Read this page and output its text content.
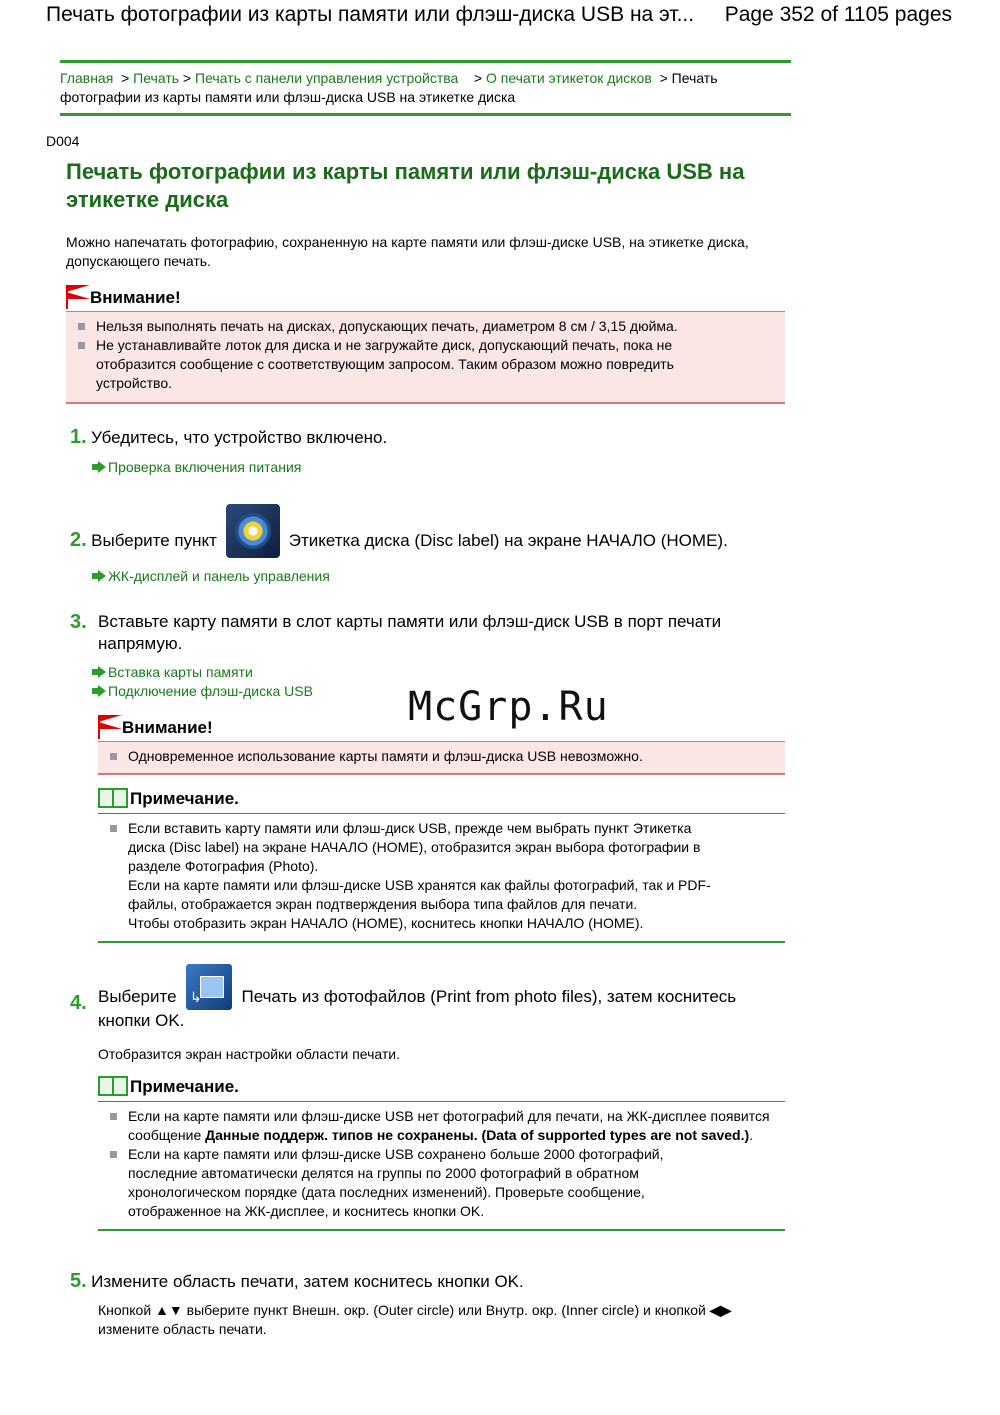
Печать фотографии из карты памяти или флэш-диска USB на эт... Page 352 of 1105 pages
Главная > Печать > Печать с панели управления устройства > О печати этикеток дисков > Печать фотографии из карты памяти или флэш-диска USB на этикетке диска
D004
Печать фотографии из карты памяти или флэш-диска USB на этикетке диска
Можно напечатать фотографию, сохраненную на карте памяти или флэш-диске USB, на этикетке диска, допускающего печать.
Внимание!
Нельзя выполнять печать на дисках, допускающих печать, диаметром 8 см / 3,15 дюйма.
Не устанавливайте лоток для диска и не загружайте диск, допускающий печать, пока не отобразится сообщение с соответствующим запросом. Таким образом можно повредить устройство.
1. Убедитесь, что устройство включено.
Проверка включения питания
2. Выберите пункт	Этикетка диска (Disc label) на экране НАЧАЛО (HOME).
ЖК-дисплей и панель управления
3. Вставьте карту памяти в слот карты памяти или флэш-диск USB в порт печати напрямую.
Вставка карты памяти
Подключение флэш-диска USB
Внимание!
Одновременное использование карты памяти и флэш-диска USB невозможно.
Примечание.
Если вставить карту памяти или флэш-диск USB, прежде чем выбрать пункт Этикетка диска (Disc label) на экране НАЧАЛО (HOME), отобразится экран выбора фотографии в разделе Фотография (Photo).
Если на карте памяти или флэш-диске USB хранятся как файлы фотографий, так и PDF-файлы, отображается экран подтверждения выбора типа файлов для печати.
Чтобы отобразить экран НАЧАЛО (HOME), коснитесь кнопки НАЧАЛО (HOME).
4. Выберите  ↳	Печать из фотофайлов (Print from photo files), затем коснитесь кнопки OK.
Отобразится экран настройки области печати.
Примечание.
Если на карте памяти или флэш-диске USB нет фотографий для печати, на ЖК-дисплее появится сообщение Данные поддерж. типов не сохранены. (Data of supported types are not saved.).
Если на карте памяти или флэш-диске USB сохранено больше 2000 фотографий, последние автоматически делятся на группы по 2000 фотографий в обратном хронологическом порядке (дата последних изменений). Проверьте сообщение, отображенное на ЖК-дисплее, и коснитесь кнопки OK.
5. Измените область печати, затем коснитесь кнопки OK.
Кнопкой ▲▼ выберите пункт Внешн. окр. (Outer circle) или Внутр. окр. (Inner circle) и кнопкой ◀▶ измените область печати.
McGrp.Ru
